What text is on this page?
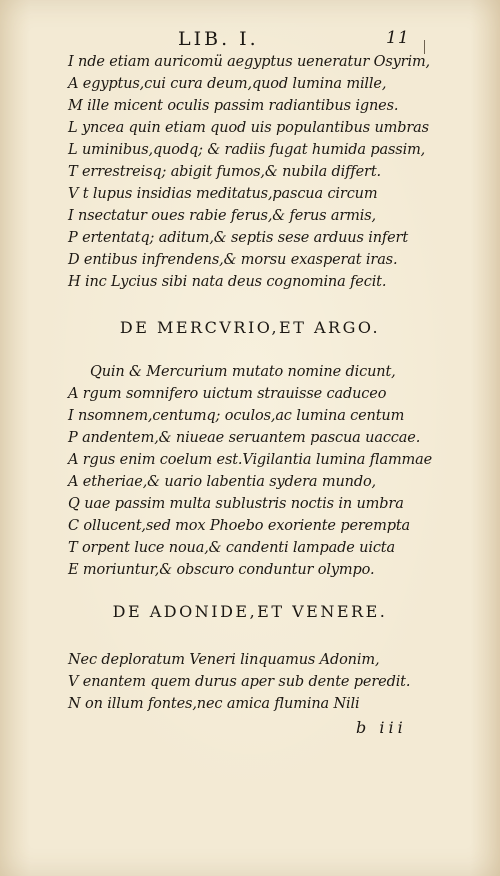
LIB. I.	11
I nde etiam auricomü aegyptus ueneratur Osyrim,
A egyptus,cui cura deum,quod lumina mille,
M ille micent oculis passim radiantibus ignes.
L yncea quin etiam quod uis populantibus umbras
L uminibus,quodq; & radiis fugat humida passim,
T errestreisq; abigit fumos,& nubila differt.
V t lupus insidias meditatus,pascua circum
I nsectatur oues rabie ferus,& ferus armis,
P ertentatq; aditum,& septis sese arduus infert
D entibus infrendens,& morsu exasperat iras.
H inc Lycius sibi nata deus cognomina fecit.
DE MERCVRIO,ET ARGO.
Quin & Mercurium mutato nomine dicunt,
A rgum somnifero uictum strauisse caduceo
I nsomnem,centumq; oculos,ac lumina centum
P andentem,& niueae seruantem pascua uaccae.
A rgus enim coelum est.Vigilantia lumina flammae
A etheriae,& uario labentia sydera mundo,
Q uae passim multa sublustris noctis in umbra
C ollucent,sed mox Phoebo exoriente perempta
T orpent luce noua,& candenti lampade uicta
E moriuntur,& obscuro conduntur olympo.
DE ADONIDE,ET VENERE.
Nec deploratum Veneri linquamus Adonim,
V enantem quem durus aper sub dente peredit.
N on illum fontes,nec amica flumina Nili
b iii
